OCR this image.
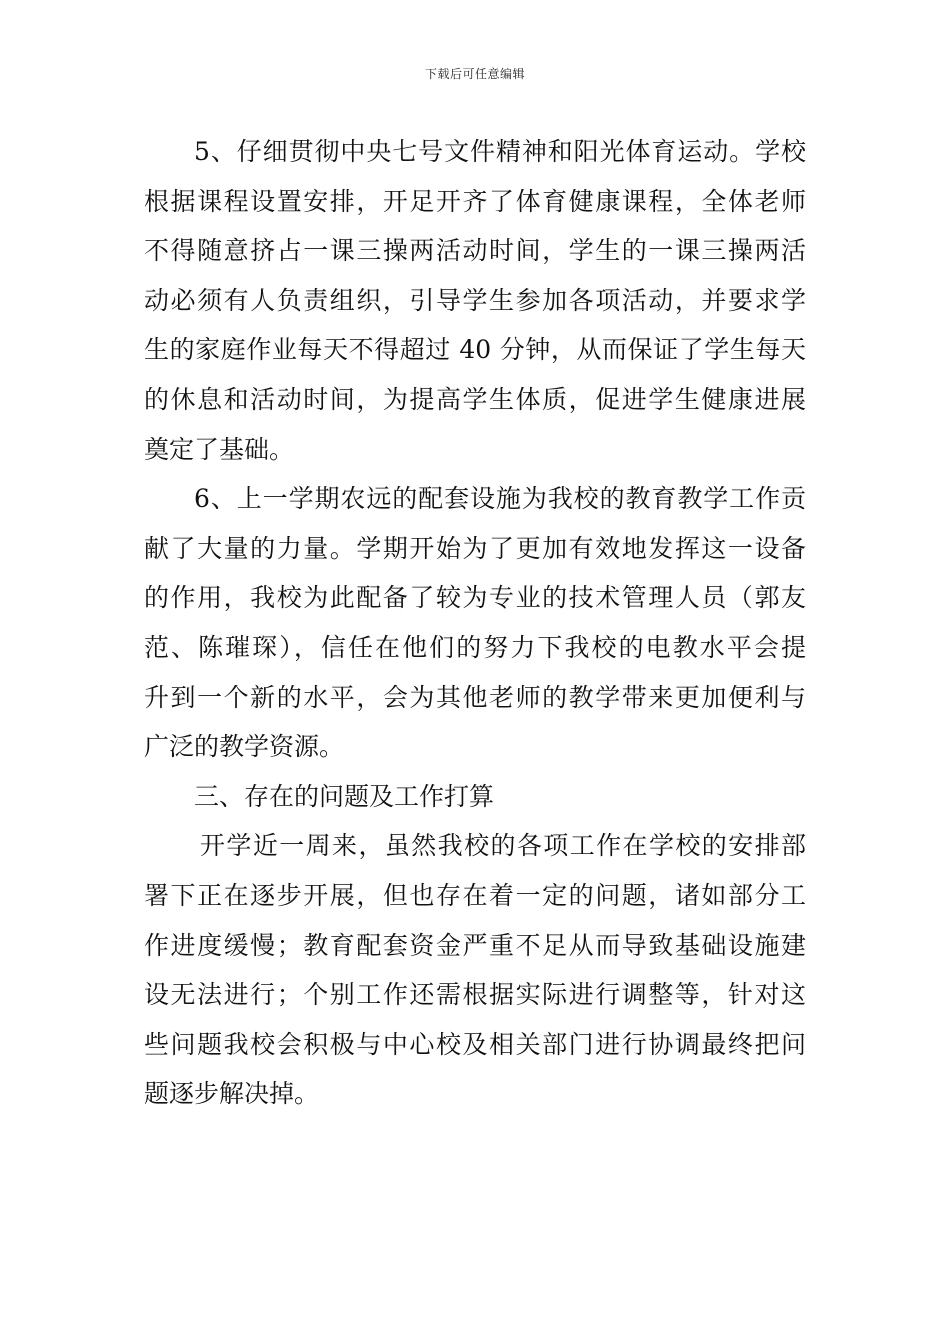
下载后可任意编辑
5、仔细贯彻中央七号文件精神和阳光体育运动。学校
根据课程设置安排，开足开齐了体育健康课程，全体老师
不得随意挤占一课三操两活动时间，学生的一课三操两活
动必须有人负责组织，引导学生参加各项活动，并要求学
生的家庭作业每天不得超过 40 分钟，从而保证了学生每天
的休息和活动时间，为提高学生体质，促进学生健康进展
奠定了基础。
6、上一学期农远的配套设施为我校的教育教学工作贡
献了大量的力量。学期开始为了更加有效地发挥这一设备
的作用，我校为此配备了较为专业的技术管理人员（郭友
范、陈璀琛），信任在他们的努力下我校的电教水平会提
升到一个新的水平，会为其他老师的教学带来更加便利与
广泛的教学资源。
三、存在的问题及工作打算
开学近一周来，虽然我校的各项工作在学校的安排部
署下正在逐步开展，但也存在着一定的问题，诸如部分工
作进度缓慢；教育配套资金严重不足从而导致基础设施建
设无法进行；个别工作还需根据实际进行调整等，针对这
些问题我校会积极与中心校及相关部门进行协调最终把问
题逐步解决掉。
